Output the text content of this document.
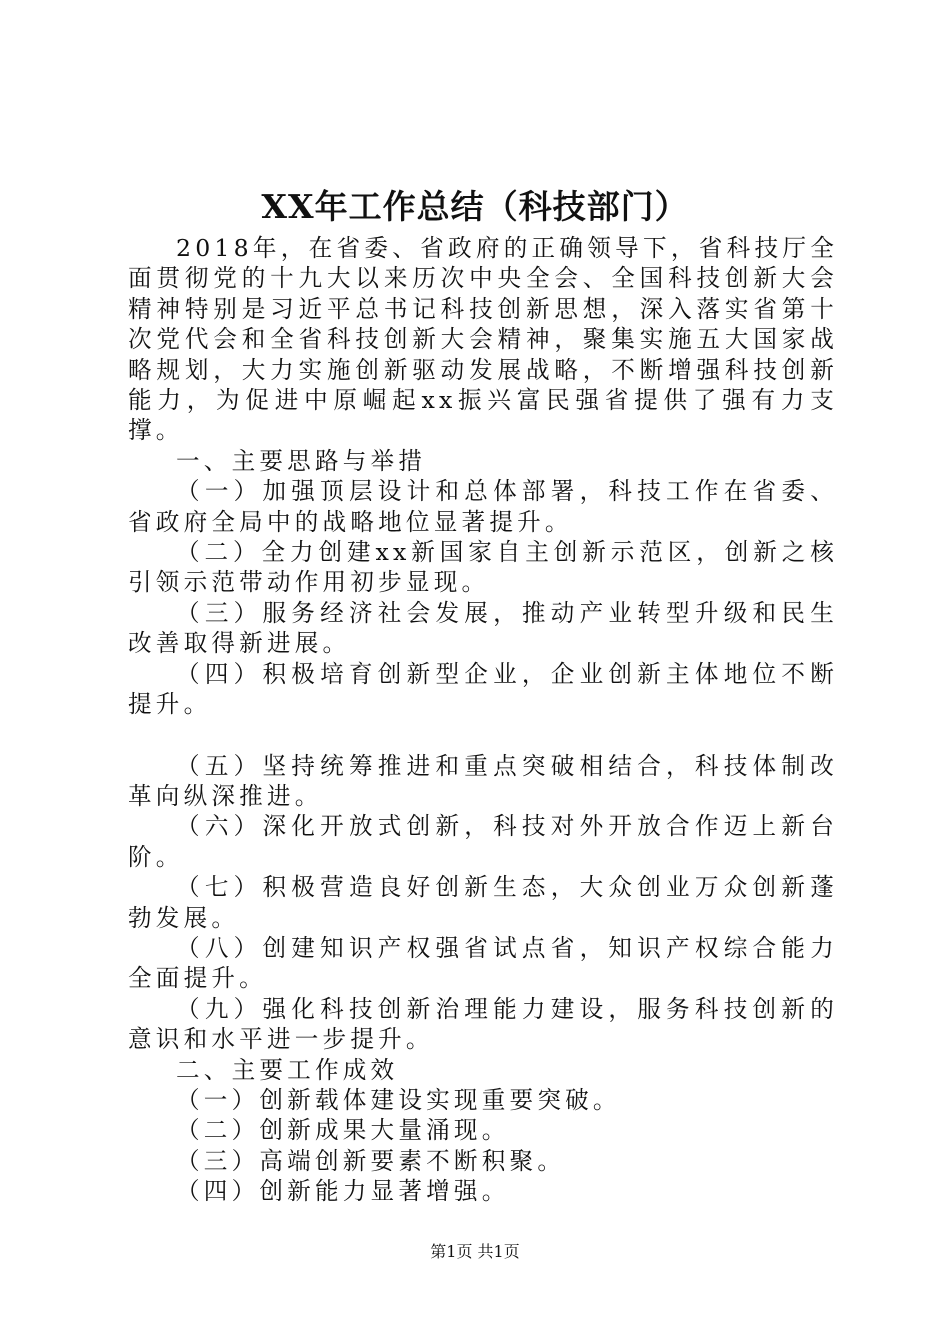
XX年工作总结（科技部门）

2018年，在省委、省政府的正确领导下，省科技厅全面贯彻党的十九大以来历次中央全会、全国科技创新大会精神特别是习近平总书记科技创新思想，深入落实省第十次党代会和全省科技创新大会精神，聚集实施五大国家战略规划，大力实施创新驱动发展战略，不断增强科技创新能力，为促进中原崛起xx振兴富民强省提供了强有力支撑。

一、主要思路与举措

（一）加强顶层设计和总体部署，科技工作在省委、省政府全局中的战略地位显著提升。

（二）全力创建xx新国家自主创新示范区，创新之核引领示范带动作用初步显现。

（三）服务经济社会发展，推动产业转型升级和民生改善取得新进展。

（四）积极培育创新型企业，企业创新主体地位不断提升。

（五）坚持统筹推进和重点突破相结合，科技体制改革向纵深推进。

（六）深化开放式创新，科技对外开放合作迈上新台阶。

（七）积极营造良好创新生态，大众创业万众创新蓬勃发展。

（八）创建知识产权强省试点省，知识产权综合能力全面提升。

（九）强化科技创新治理能力建设，服务科技创新的意识和水平进一步提升。

二、主要工作成效

（一）创新载体建设实现重要突破。

（二）创新成果大量涌现。

（三）高端创新要素不断积聚。

（四）创新能力显著增强。

第1页 共1页
